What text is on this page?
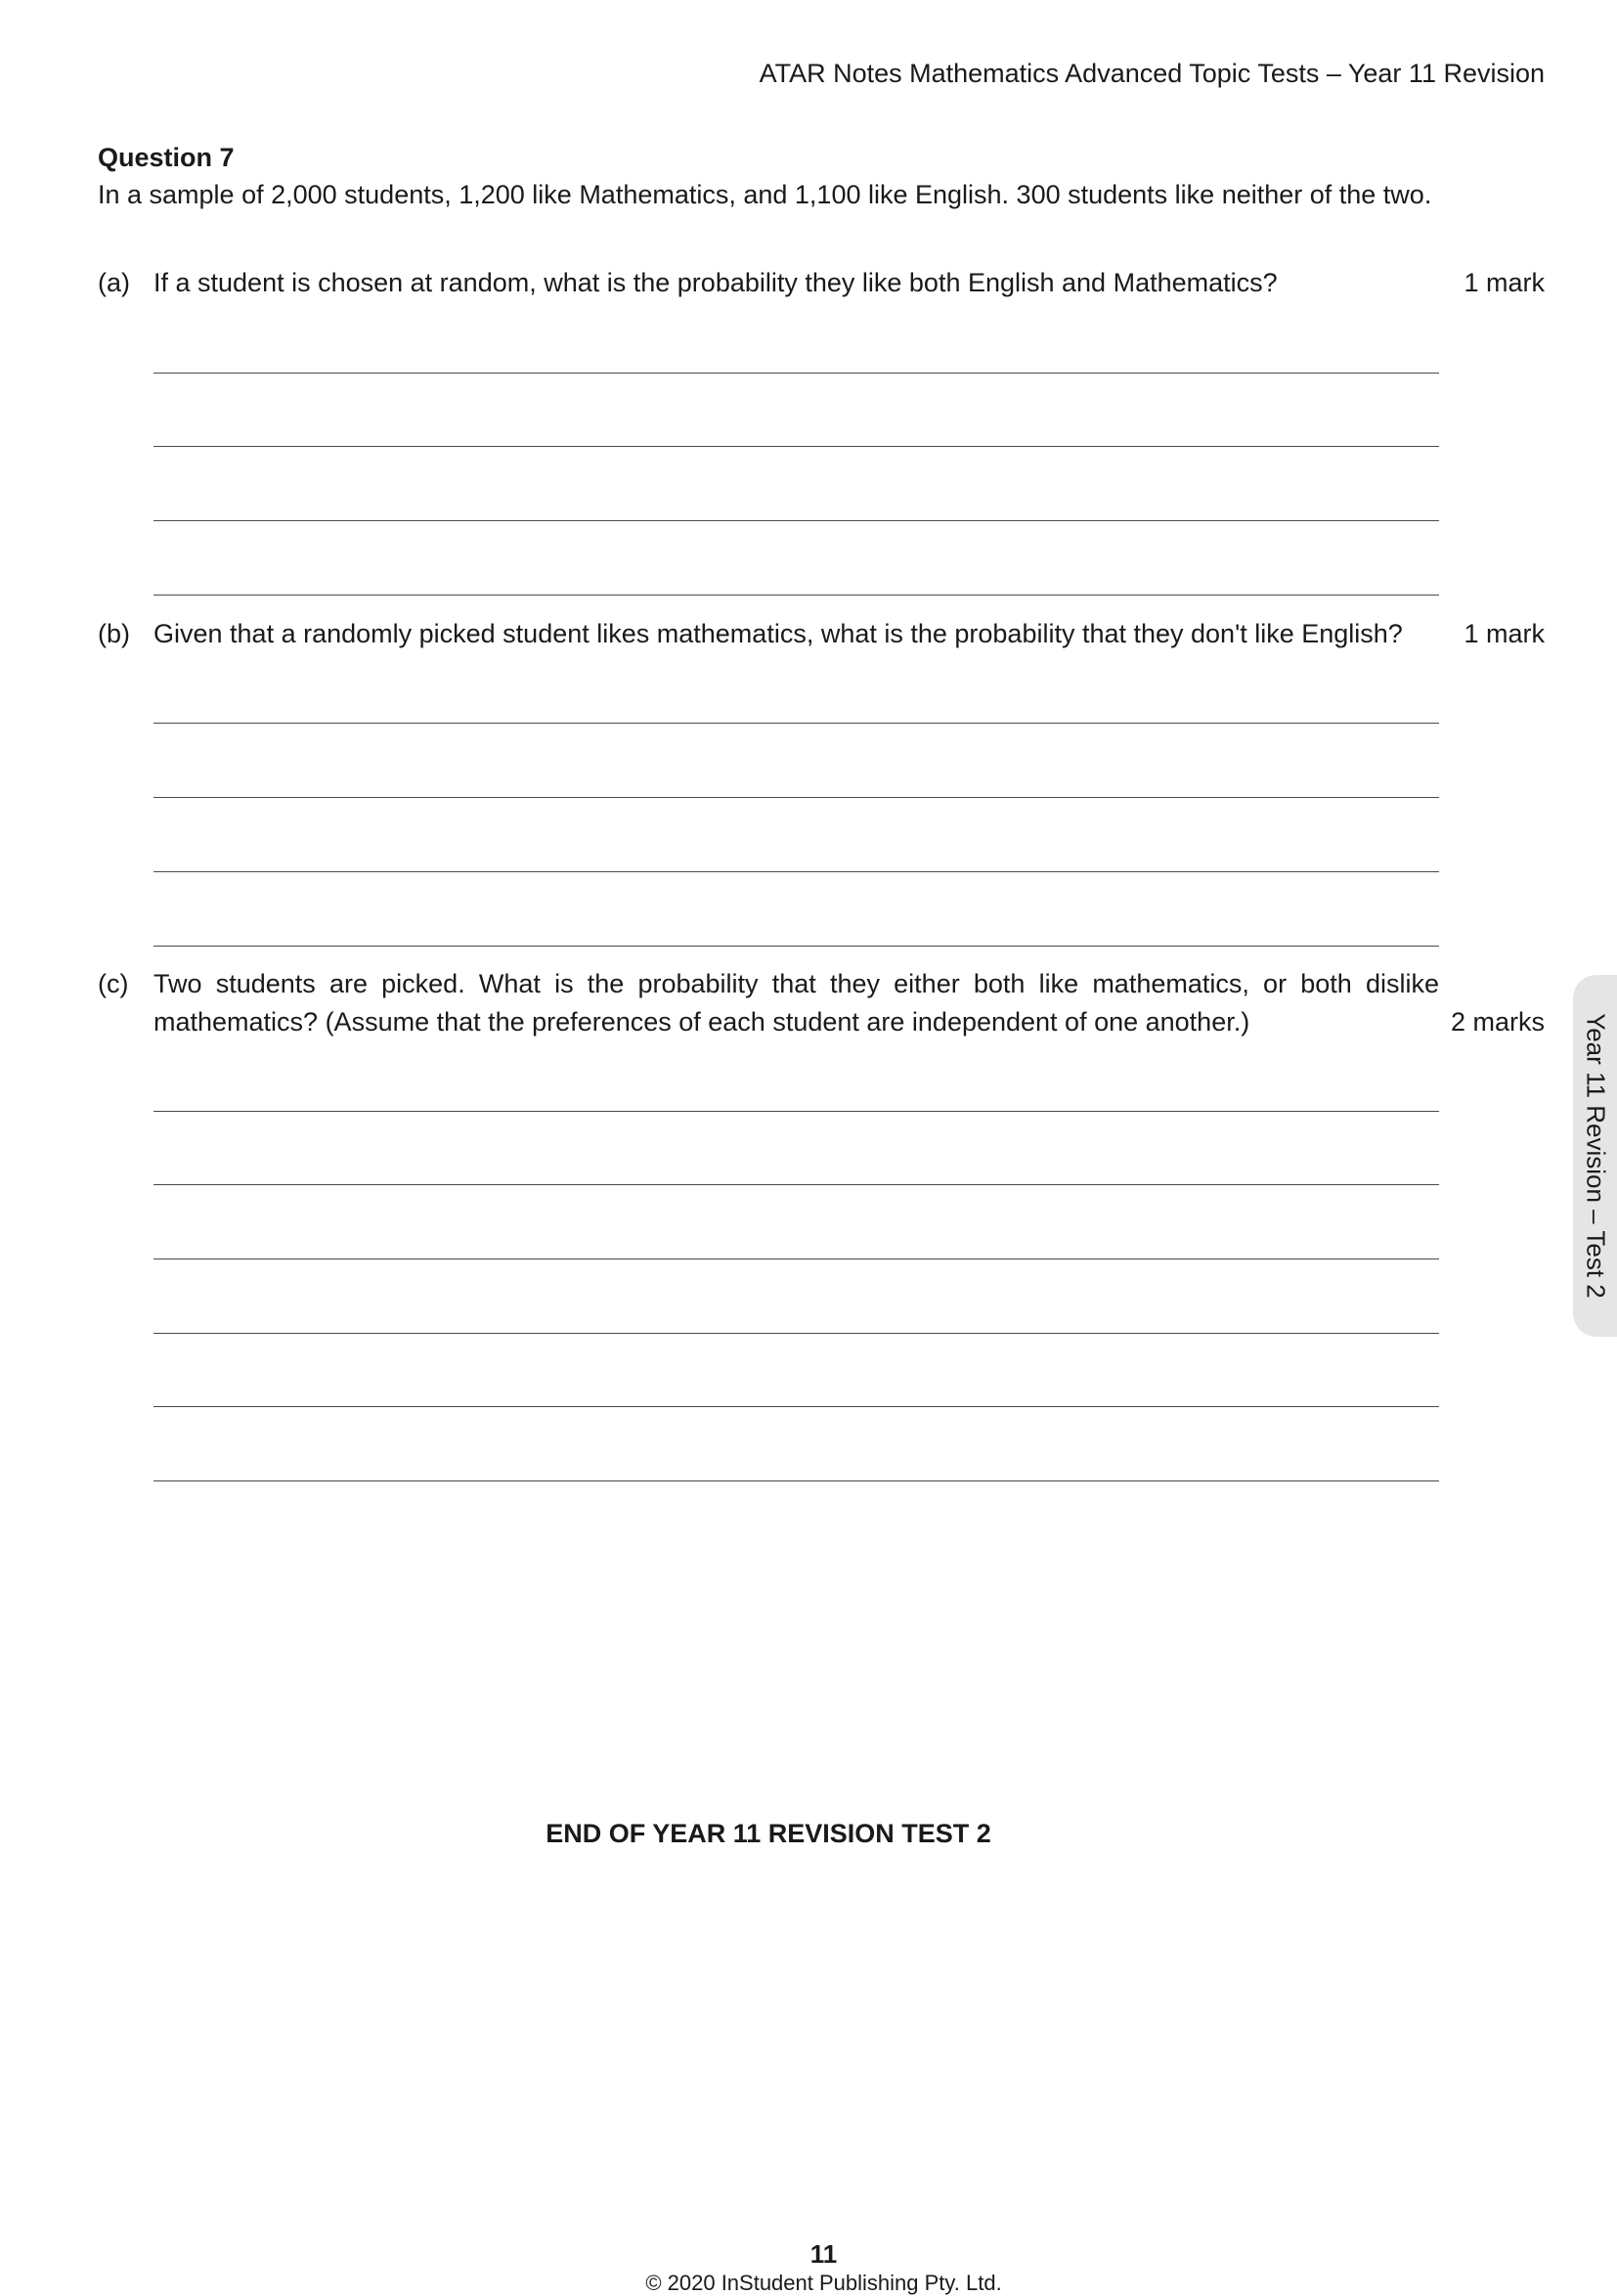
ATAR Notes Mathematics Advanced Topic Tests – Year 11 Revision
Question 7
In a sample of 2,000 students, 1,200 like Mathematics, and 1,100 like English. 300 students like neither of the two.
(a) If a student is chosen at random, what is the probability they like both English and Mathematics?	1 mark
(b) Given that a randomly picked student likes mathematics, what is the probability that they don't like English?	1 mark
(c) Two students are picked. What is the probability that they either both like mathematics, or both dislike mathematics? (Assume that the preferences of each student are independent of one another.)	2 marks Year 11 Revision – Test 2
END OF YEAR 11 REVISION TEST 2
11
© 2020 InStudent Publishing Pty. Ltd.
